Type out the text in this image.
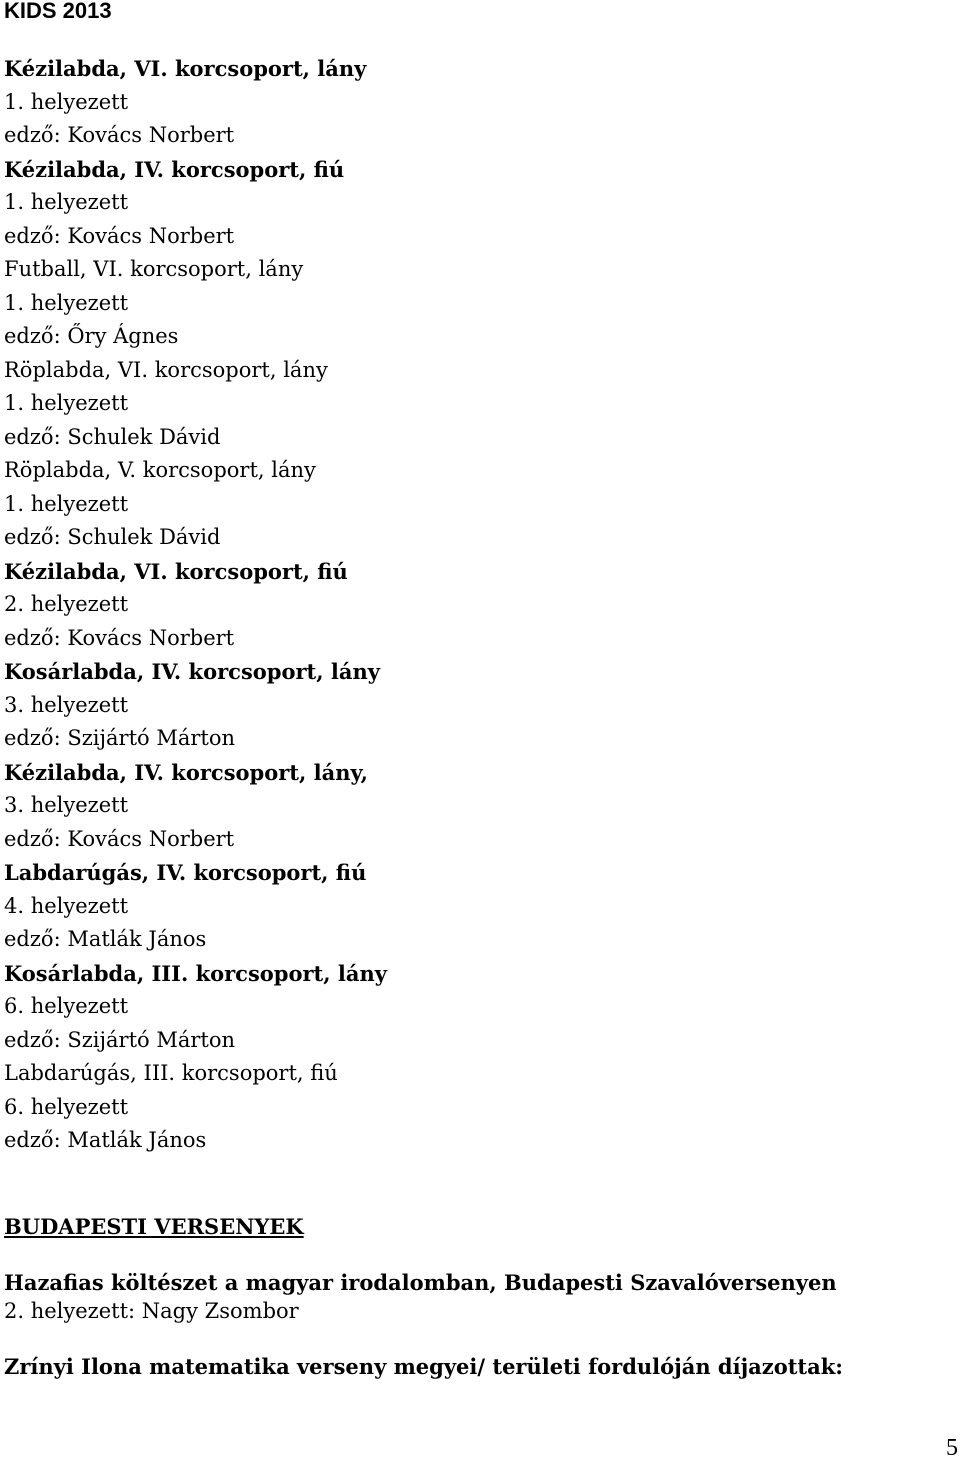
KIDS 2013
Kézilabda, VI. korcsoport, lány
1. helyezett
edző: Kovács Norbert
Kézilabda, IV. korcsoport, fiú
1. helyezett
edző: Kovács Norbert
Futball, VI. korcsoport, lány
1. helyezett
edző: Őry Ágnes
Röplabda, VI. korcsoport, lány
1. helyezett
edző: Schulek Dávid
Röplabda, V. korcsoport, lány
1. helyezett
edző: Schulek Dávid
Kézilabda, VI. korcsoport, fiú
2. helyezett
edző: Kovács Norbert
Kosárlabda, IV. korcsoport, lány
3. helyezett
edző: Szijártó Márton
Kézilabda, IV. korcsoport, lány,
3. helyezett
edző: Kovács Norbert
Labdarúgás, IV. korcsoport, fiú
4. helyezett
edző: Matlák János
Kosárlabda, III. korcsoport, lány
6. helyezett
edző: Szijártó Márton
Labdarúgás, III. korcsoport, fiú
6. helyezett
edző: Matlák János
BUDAPESTI VERSENYEK
Hazafias költészet a magyar irodalomban, Budapesti Szavalóversenyen
2. helyezett: Nagy Zsombor
Zrínyi Ilona matematika verseny megyei/ területi fordulóján díjazottak:
5
